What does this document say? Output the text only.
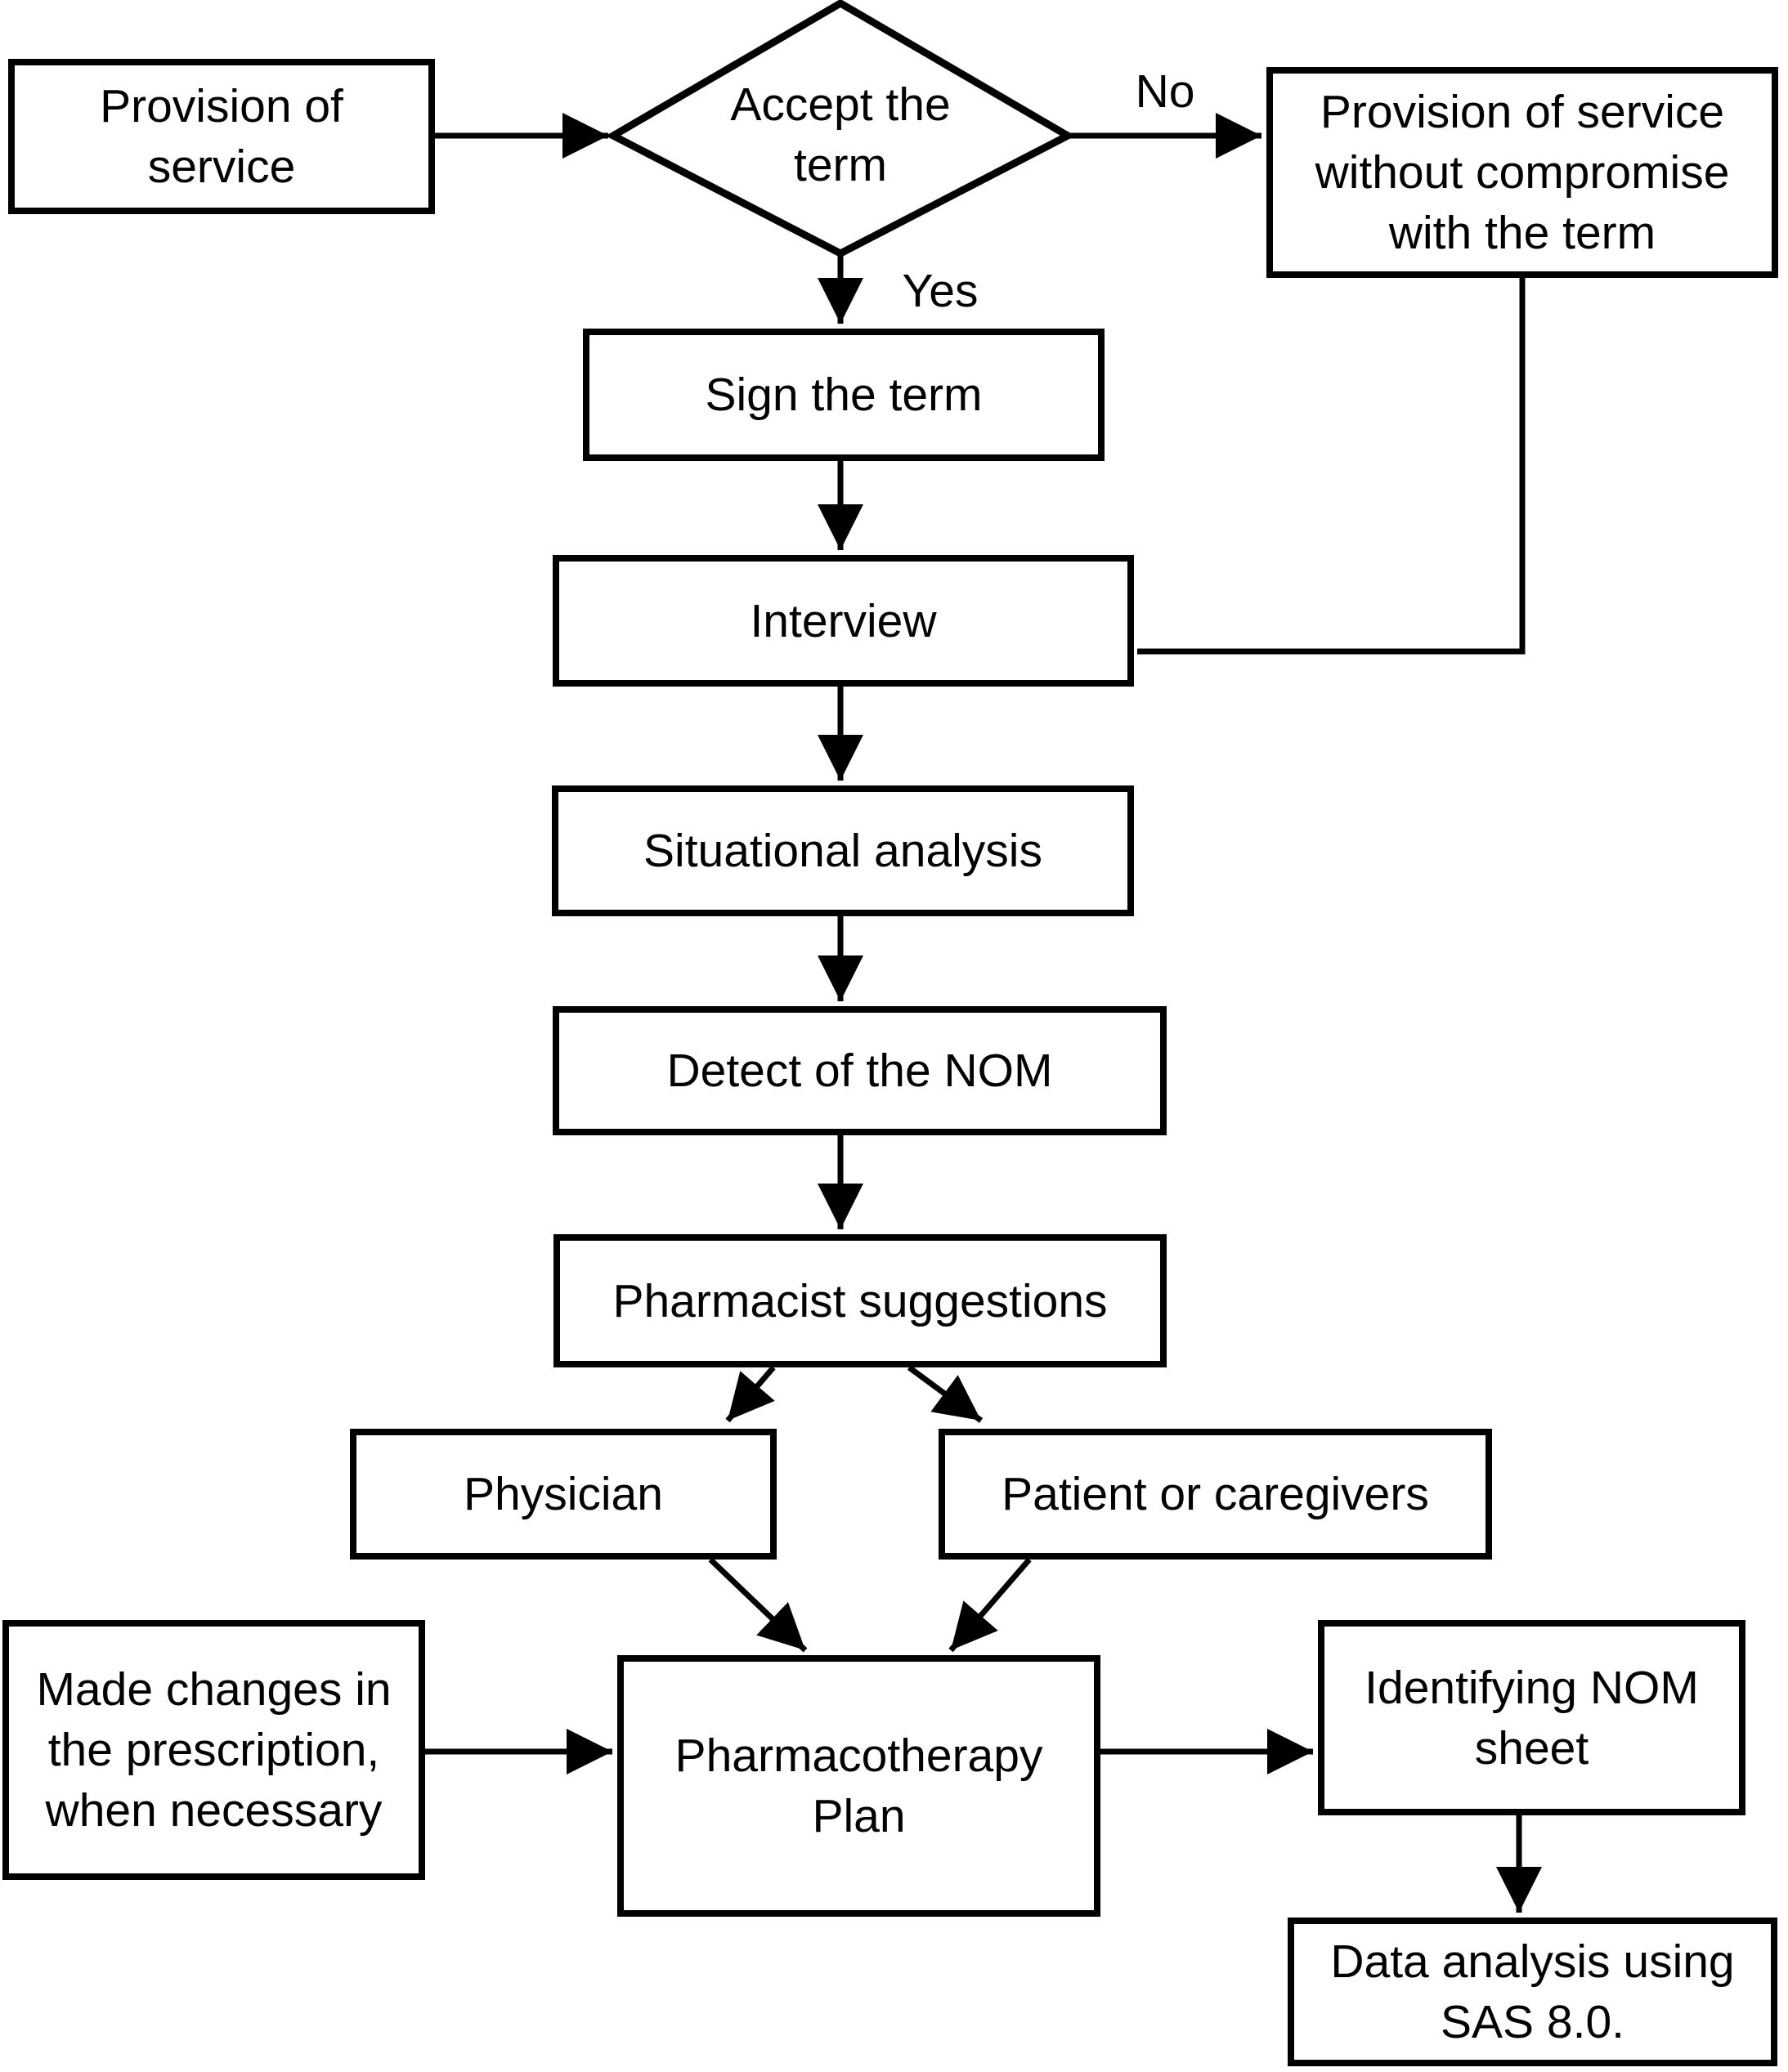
Provision of
service
Accept the
term
Provision of service
without compromise
with the term
Sign the term
Interview
Situational analysis
Detect of the NOM
Pharmacist suggestions
Physician	Patient or caregivers
Made changes in
the prescription,
when necessary
Pharmacotherapy
Plan
Identifying NOM
sheet
Data analysis using
SAS 8.0.
Yes
No
